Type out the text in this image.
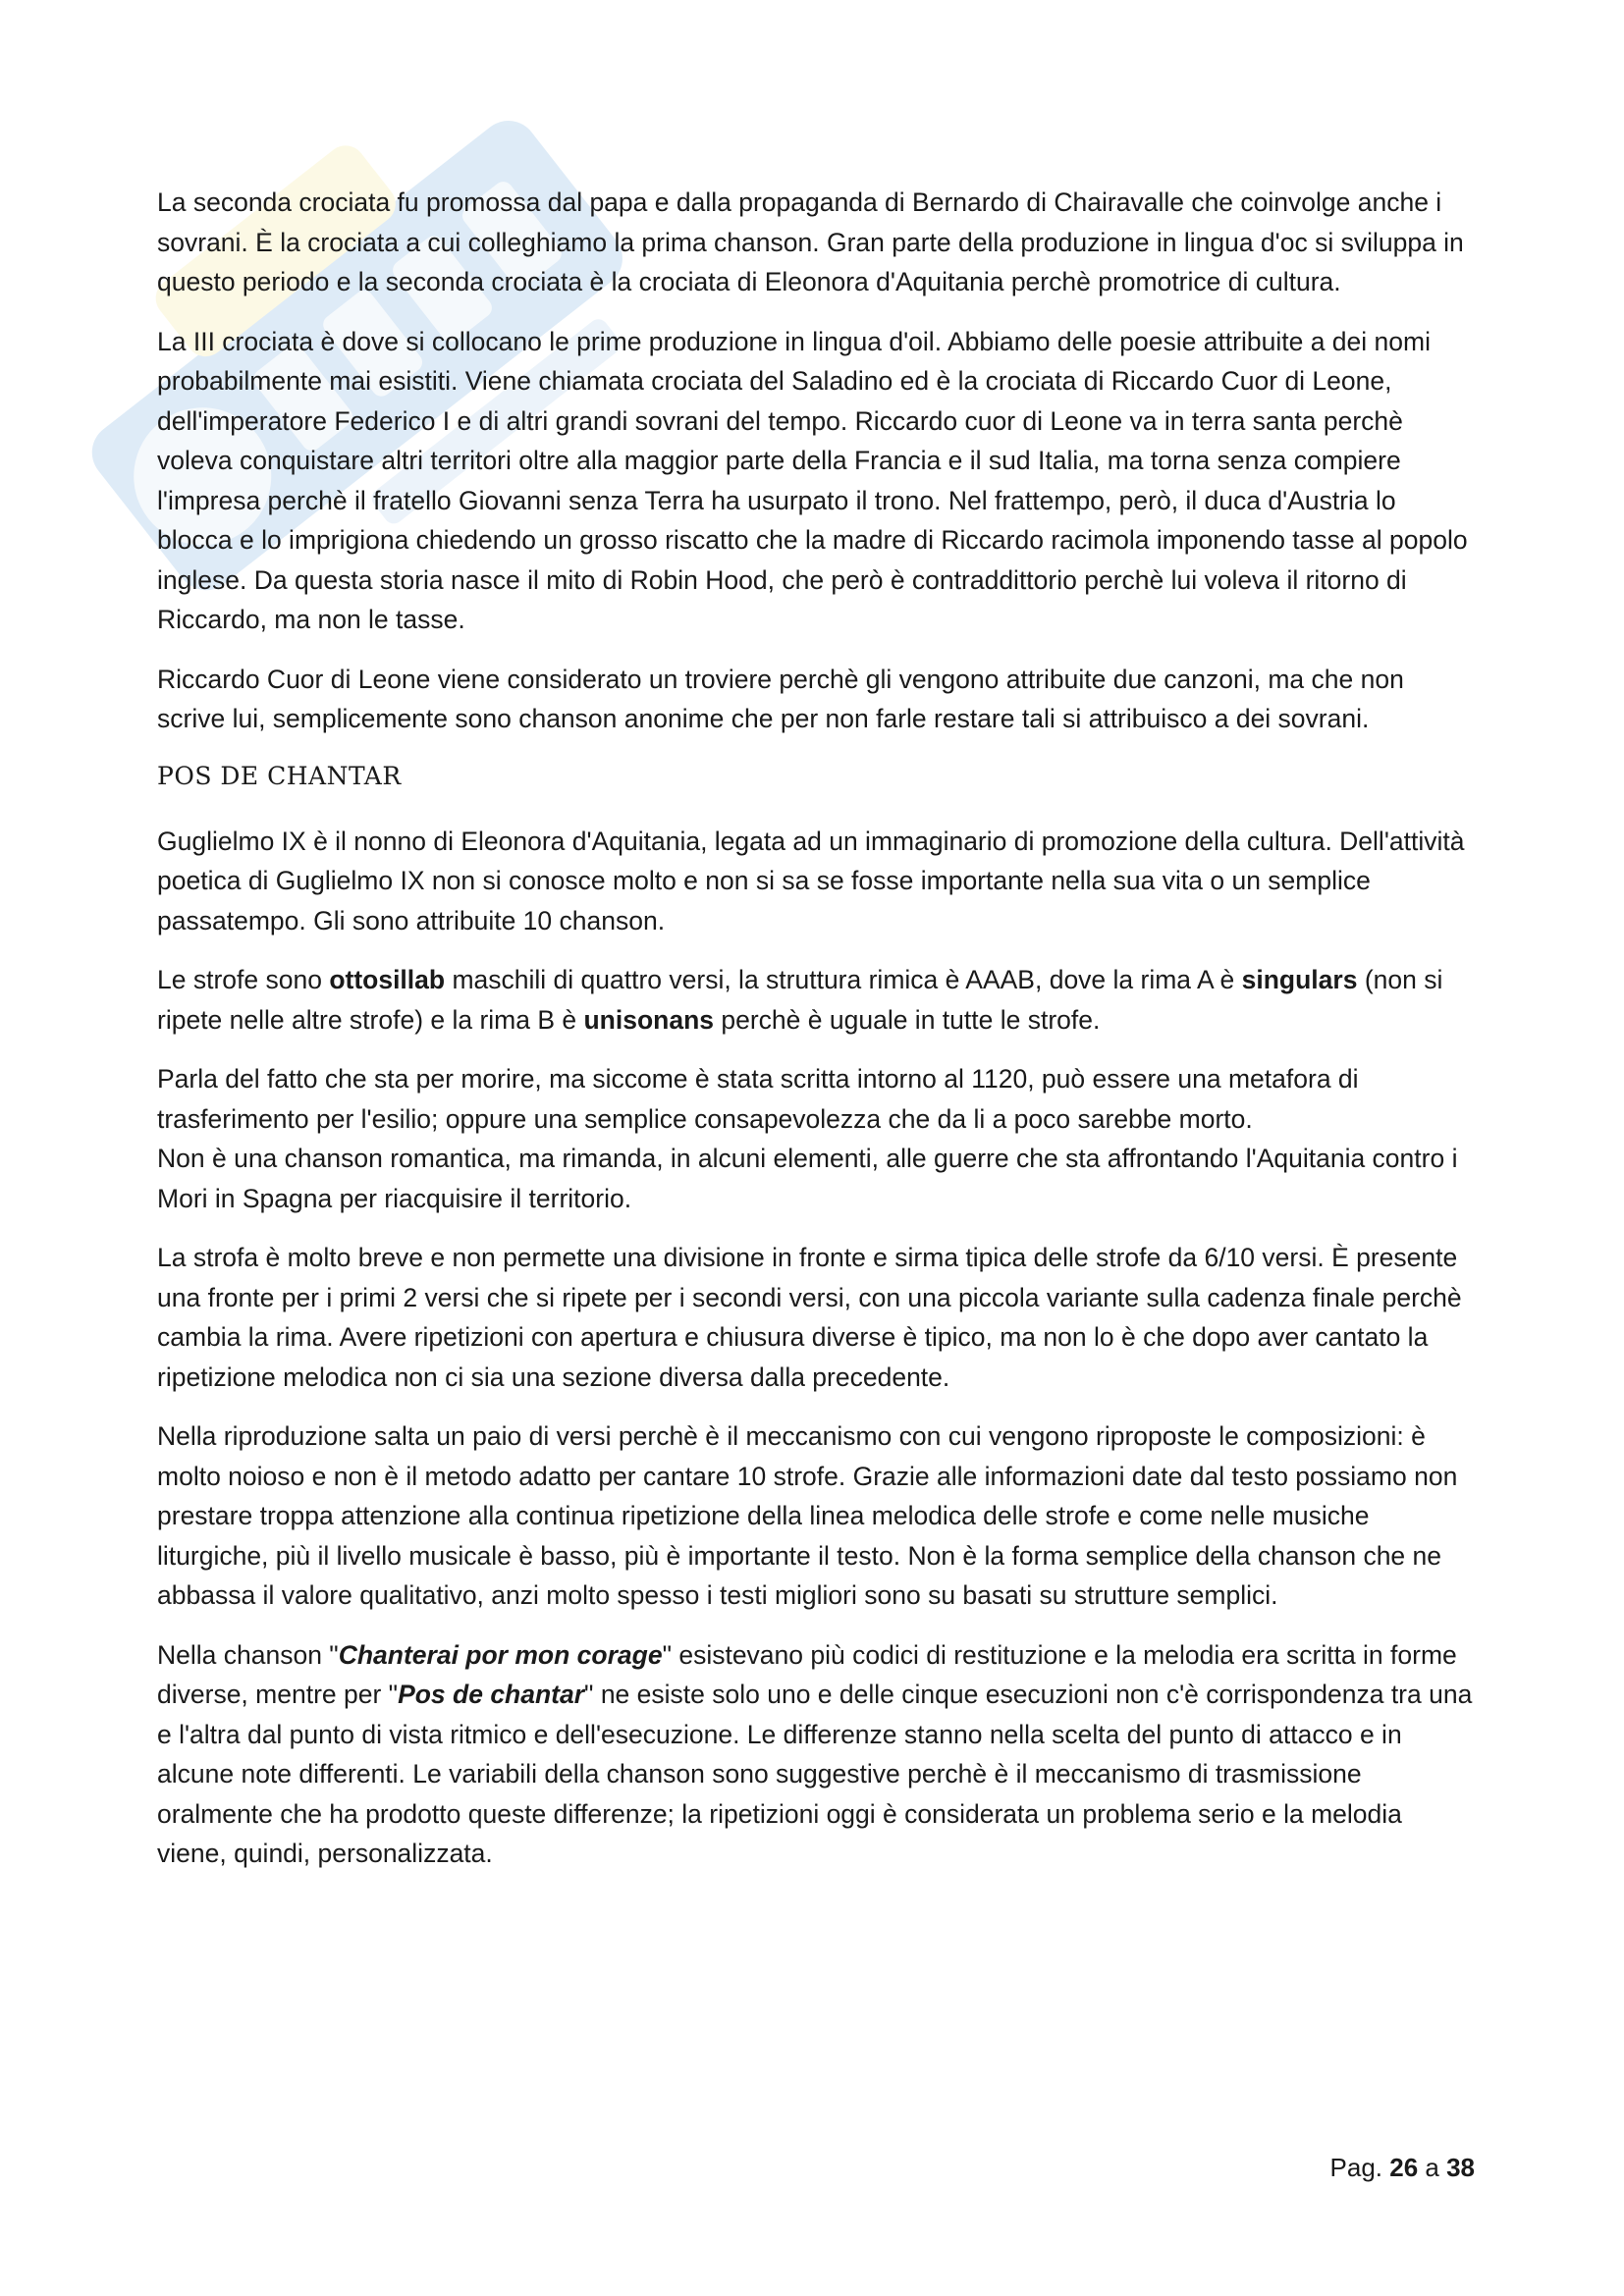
La seconda crociata fu promossa dal papa e dalla propaganda di Bernardo di Chairavalle che coinvolge anche i sovrani. È la crociata a cui colleghiamo la prima chanson. Gran parte della produzione in lingua d'oc si sviluppa in questo periodo e la seconda crociata è la crociata di Eleonora d'Aquitania perchè promotrice di cultura.

La III crociata è dove si collocano le prime produzione in lingua d'oil. Abbiamo delle poesie attribuite a dei nomi probabilmente mai esistiti. Viene chiamata crociata del Saladino ed è la crociata di Riccardo Cuor di Leone, dell'imperatore Federico I e di altri grandi sovrani del tempo. Riccardo cuor di Leone va in terra santa perchè voleva conquistare altri territori oltre alla maggior parte della Francia e il sud Italia, ma torna senza compiere l'impresa perchè il fratello Giovanni senza Terra ha usurpato il trono. Nel frattempo, però, il duca d'Austria lo blocca e lo imprigiona chiedendo un grosso riscatto che la madre di Riccardo racimola imponendo tasse al popolo inglese. Da questa storia nasce il mito di Robin Hood, che però è contraddittorio perchè lui voleva il ritorno di Riccardo, ma non le tasse.

Riccardo Cuor di Leone viene considerato un troviere perchè gli vengono attribuite due canzoni, ma che non scrive lui, semplicemente sono chanson anonime che per non farle restare tali si attribuisco a dei sovrani.

POS DE CHANTAR

Guglielmo IX è il nonno di Eleonora d'Aquitania, legata ad un immaginario di promozione della cultura. Dell'attività poetica di Guglielmo IX non si conosce molto e non si sa se fosse importante nella sua vita o un semplice passatempo. Gli sono attribuite 10 chanson.

Le strofe sono ottosillab maschili di quattro versi, la struttura rimica è AAAB, dove la rima A è singulars (non si ripete nelle altre strofe) e la rima B è unisonans perchè è uguale in tutte le strofe.

Parla del fatto che sta per morire, ma siccome è stata scritta intorno al 1120, può essere una metafora di trasferimento per l'esilio; oppure una semplice consapevolezza che da li a poco sarebbe morto.
Non è una chanson romantica, ma rimanda, in alcuni elementi, alle guerre che sta affrontando l'Aquitania contro i Mori in Spagna per riacquisire il territorio.

La strofa è molto breve e non permette una divisione in fronte e sirma tipica delle strofe da 6/10 versi. È presente una fronte per i primi 2 versi che si ripete per i secondi versi, con una piccola variante sulla cadenza finale perchè cambia la rima. Avere ripetizioni con apertura e chiusura diverse è tipico, ma non lo è che dopo aver cantato la ripetizione melodica non ci sia una sezione diversa dalla precedente.

Nella riproduzione salta un paio di versi perchè è il meccanismo con cui vengono riproposte le composizioni: è molto noioso e non è il metodo adatto per cantare 10 strofe. Grazie alle informazioni date dal testo possiamo non prestare troppa attenzione alla continua ripetizione della linea melodica delle strofe e come nelle musiche liturgiche, più il livello musicale è basso, più è importante il testo. Non è la forma semplice della chanson che ne abbassa il valore qualitativo, anzi molto spesso i testi migliori sono su basati su strutture semplici.

Nella chanson "Chanterai por mon corage" esistevano più codici di restituzione e la melodia era scritta in forme diverse, mentre per "Pos de chantar" ne esiste solo uno e delle cinque esecuzioni non c'è corrispondenza tra una e l'altra dal punto di vista ritmico e dell'esecuzione. Le differenze stanno nella scelta del punto di attacco e in alcune note differenti. Le variabili della chanson sono suggestive perchè è il meccanismo di trasmissione oralmente che ha prodotto queste differenze; la ripetizioni oggi è considerata un problema serio e la melodia viene, quindi, personalizzata.

Pag. 26 a 38
